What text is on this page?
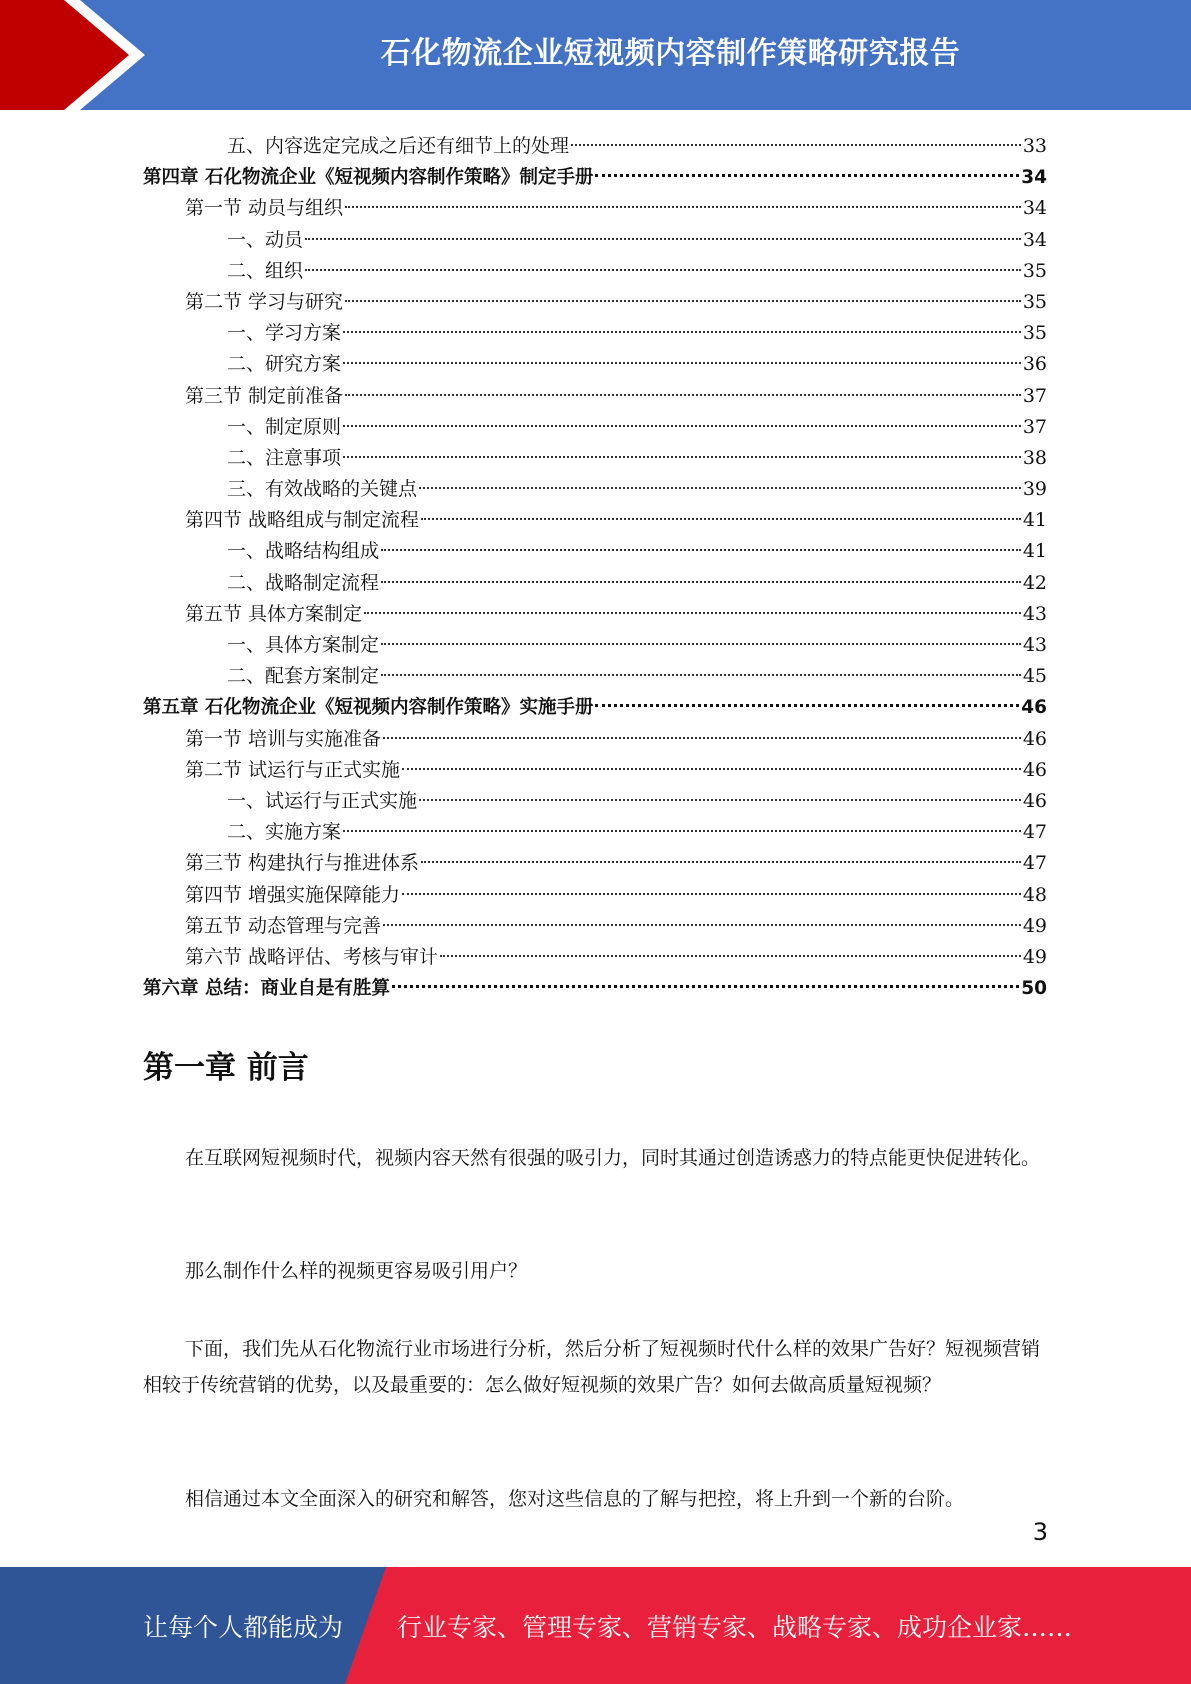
石化物流企业短视频内容制作策略研究报告
五、内容选定完成之后还有细节上的处理	33
第四章 石化物流企业《短视频内容制作策略》制定手册	34
第一节 动员与组织	34
一、动员	34
二、组织	35
第二节 学习与研究	35
一、学习方案	35
二、研究方案	36
第三节 制定前准备	37
一、制定原则	37
二、注意事项	38
三、有效战略的关键点	39
第四节 战略组成与制定流程	41
一、战略结构组成	41
二、战略制定流程	42
第五节 具体方案制定	43
一、具体方案制定	43
二、配套方案制定	45
第五章 石化物流企业《短视频内容制作策略》实施手册	46
第一节 培训与实施准备	46
第二节 试运行与正式实施	46
一、试运行与正式实施	46
二、实施方案	47
第三节 构建执行与推进体系	47
第四节 增强实施保障能力	48
第五节 动态管理与完善	49
第六节 战略评估、考核与审计	49
第六章 总结：商业自是有胜算	50
第一章 前言

在互联网短视频时代，视频内容天然有很强的吸引力，同时其通过创造诱惑力的特点能更快促进转化。

那么制作什么样的视频更容易吸引用户？

下面，我们先从石化物流行业市场进行分析，然后分析了短视频时代什么样的效果广告好？短视频营销相较于传统营销的优势，以及最重要的：怎么做好短视频的效果广告？如何去做高质量短视频？

相信通过本文全面深入的研究和解答，您对这些信息的了解与把控，将上升到一个新的台阶。

3
让每个人都能成为 行业专家、管理专家、营销专家、战略专家、成功企业家……
